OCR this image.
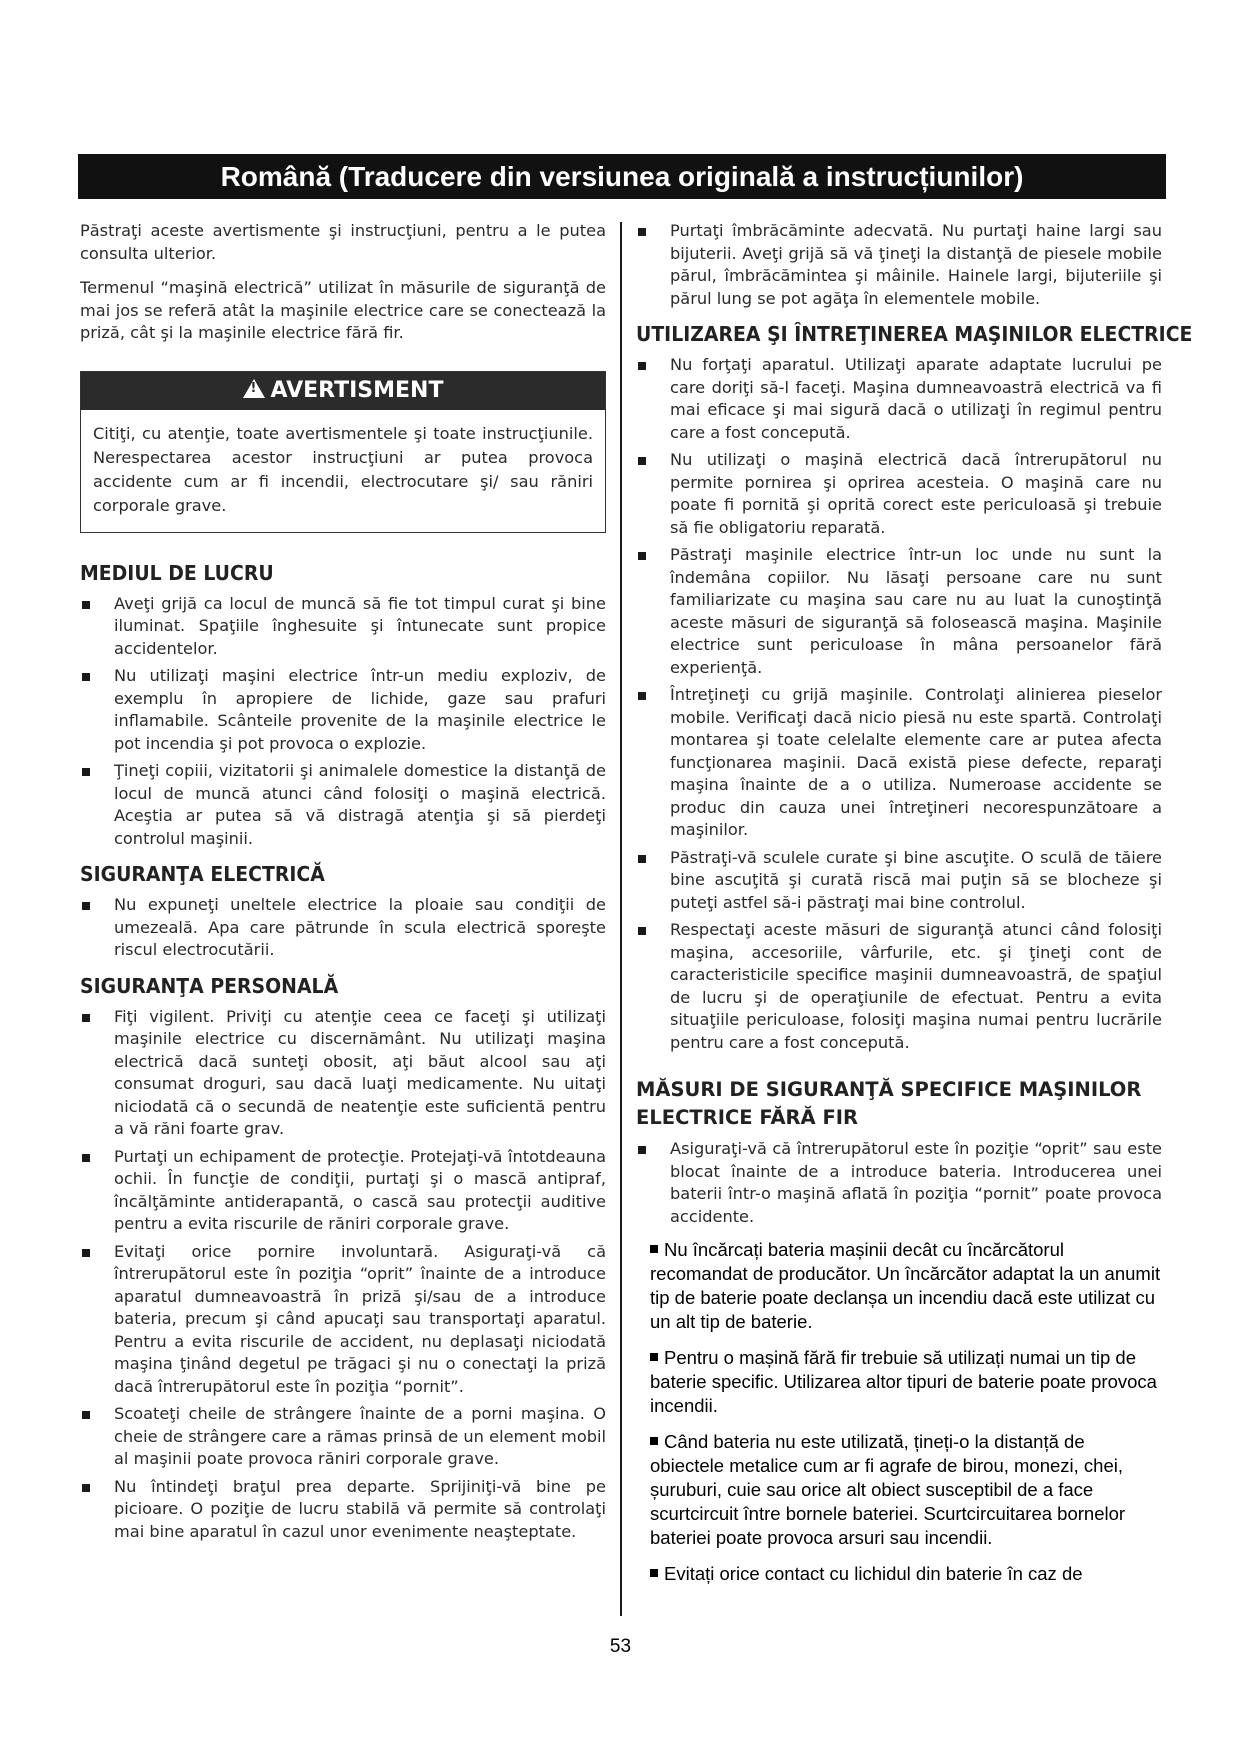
Română (Traducere din versiunea originală a instrucțiunilor)

Păstraţi aceste avertismente şi instrucţiuni, pentru a le putea consulta ulterior.

Termenul “maşină electrică” utilizat în măsurile de siguranţă de mai jos se referă atât la maşinile electrice care se conectează la priză, cât şi la maşinile electrice fără fir.

!AVERTISMENT
Citiţi, cu atenţie, toate avertismentele şi toate instrucţiunile. Nerespectarea acestor instrucţiuni ar putea provoca accidente cum ar fi incendii, electrocutare şi/ sau răniri corporale grave.
MEDIUL DE LUCRU
Aveţi grijă ca locul de muncă să fie tot timpul curat şi bine iluminat. Spaţiile înghesuite şi întunecate sunt propice accidentelor.
Nu utilizaţi maşini electrice într-un mediu exploziv, de exemplu în apropiere de lichide, gaze sau prafuri inflamabile. Scânteile provenite de la maşinile electrice le pot incendia şi pot provoca o explozie.
Ţineţi copiii, vizitatorii şi animalele domestice la distanţă de locul de muncă atunci când folosiţi o maşină electrică. Aceştia ar putea să vă distragă atenţia şi să pierdeţi controlul maşinii.
SIGURANŢA ELECTRICĂ
Nu expuneţi uneltele electrice la ploaie sau condiţii de umezeală. Apa care pătrunde în scula electrică sporeşte riscul electrocutării.
SIGURANŢA PERSONALĂ
Fiţi vigilent. Priviţi cu atenţie ceea ce faceţi şi utilizaţi maşinile electrice cu discernământ. Nu utilizaţi maşina electrică dacă sunteţi obosit, aţi băut alcool sau aţi consumat droguri, sau dacă luaţi medicamente. Nu uitaţi niciodată că o secundă de neatenţie este suficientă pentru a vă răni foarte grav.
Purtaţi un echipament de protecţie. Protejaţi-vă întotdeauna ochii. În funcţie de condiţii, purtaţi şi o mască antipraf, încălţăminte antiderapantă, o cască sau protecţii auditive pentru a evita riscurile de răniri corporale grave.
Evitaţi orice pornire involuntară. Asiguraţi-vă că întrerupătorul este în poziţia “oprit” înainte de a introduce aparatul dumneavoastră în priză şi/sau de a introduce bateria, precum şi când apucaţi sau transportaţi aparatul. Pentru a evita riscurile de accident, nu deplasaţi niciodată maşina ţinând degetul pe trăgaci şi nu o conectaţi la priză dacă întrerupătorul este în poziţia “pornit”.
Scoateţi cheile de strângere înainte de a porni maşina. O cheie de strângere care a rămas prinsă de un element mobil al maşinii poate provoca răniri corporale grave.
Nu întindeţi braţul prea departe. Sprijiniţi-vă bine pe picioare. O poziţie de lucru stabilă vă permite să controlaţi mai bine aparatul în cazul unor evenimente neaşteptate.
Purtaţi îmbrăcăminte adecvată. Nu purtaţi haine largi sau bijuterii. Aveţi grijă să vă ţineţi la distanţă de piesele mobile părul, îmbrăcămintea şi mâinile. Hainele largi, bijuteriile şi părul lung se pot agăţa în elementele mobile.
UTILIZAREA ŞI ÎNTREŢINEREA MAŞINILOR ELECTRICE
Nu forţaţi aparatul. Utilizaţi aparate adaptate lucrului pe care doriţi să-l faceţi. Maşina dumneavoastră electrică va fi mai eficace şi mai sigură dacă o utilizaţi în regimul pentru care a fost concepută.
Nu utilizaţi o maşină electrică dacă întrerupătorul nu permite pornirea şi oprirea acesteia. O maşină care nu poate fi pornită şi oprită corect este periculoasă şi trebuie să fie obligatoriu reparată.
Păstraţi maşinile electrice într-un loc unde nu sunt la îndemâna copiilor. Nu lăsaţi persoane care nu sunt familiarizate cu maşina sau care nu au luat la cunoştinţă aceste măsuri de siguranţă să folosească maşina. Maşinile electrice sunt periculoase în mâna persoanelor fără experienţă.
Întreţineţi cu grijă maşinile. Controlaţi alinierea pieselor mobile. Verificaţi dacă nicio piesă nu este spartă. Controlaţi montarea şi toate celelalte elemente care ar putea afecta funcţionarea maşinii. Dacă există piese defecte, reparaţi maşina înainte de a o utiliza. Numeroase accidente se produc din cauza unei întreţineri necorespunzătoare a maşinilor.
Păstraţi-vă sculele curate şi bine ascuţite. O sculă de tăiere bine ascuţită şi curată riscă mai puţin să se blocheze şi puteţi astfel să-i păstraţi mai bine controlul.
Respectaţi aceste măsuri de siguranţă atunci când folosiţi maşina, accesoriile, vârfurile, etc. şi ţineţi cont de caracteristicile specifice maşinii dumneavoastră, de spaţiul de lucru şi de operaţiunile de efectuat. Pentru a evita situaţiile periculoase, folosiţi maşina numai pentru lucrările pentru care a fost concepută.
MĂSURI DE SIGURANŢĂ SPECIFICE MAŞINILOR ELECTRICE FĂRĂ FIR
Asiguraţi-vă că întrerupătorul este în poziţie “oprit” sau este blocat înainte de a introduce bateria. Introducerea unei baterii într-o maşină aflată în poziţia “pornit” poate provoca accidente.
Nu încărcați bateria mașinii decât cu încărcătorul recomandat de producător. Un încărcător adaptat la un anumit tip de baterie poate declanșa un incendiu dacă este utilizat cu un alt tip de baterie.
Pentru o mașină fără fir trebuie să utilizați numai un tip de baterie specific. Utilizarea altor tipuri de baterie poate provoca incendii.
Când bateria nu este utilizată, țineți-o la distanță de obiectele metalice cum ar fi agrafe de birou, monezi, chei, șuruburi, cuie sau orice alt obiect susceptibil de a face scurtcircuit între bornele bateriei. Scurtcircuitarea bornelor bateriei poate provoca arsuri sau incendii.
Evitați orice contact cu lichidul din baterie în caz de
53
